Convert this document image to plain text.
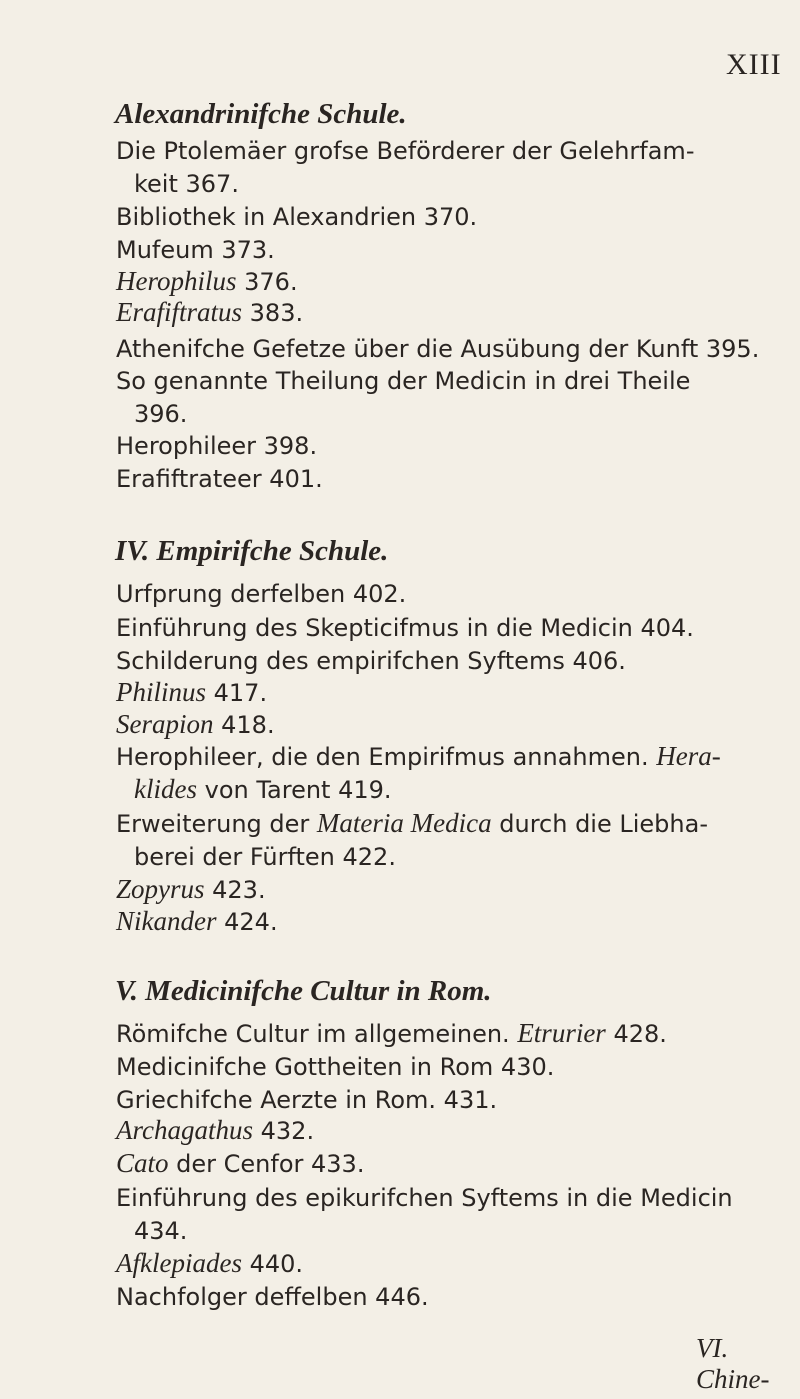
XIII
Alexandrinifche Schule.
Die Ptolemäer grofse Beförderer der Gelehrfam-
keit 367.
Bibliothek in Alexandrien 370.
Mufeum 373.
Herophilus 376.
Erafiftratus 383.
Athenifche Gefetze über die Ausübung der Kunft 395.
So genannte Theilung der Medicin in drei Theile
396.
Herophileer 398.
Erafiftrateer 401.
IV. Empirifche Schule.
Urfprung derfelben 402.
Einführung des Skepticifmus in die Medicin 404.
Schilderung des empirifchen Syftems 406.
Philinus 417.
Serapion 418.
Herophileer, die den Empirifmus annahmen. Hera-
klides von Tarent 419.
Erweiterung der Materia Medica durch die Liebha-
berei der Fürften 422.
Zopyrus 423.
Nikander 424.
V. Medicinifche Cultur in Rom.
Römifche Cultur im allgemeinen. Etrurier 428.
Medicinifche Gottheiten in Rom 430.
Griechifche Aerzte in Rom. 431.
Archagathus 432.
Cato der Cenfor 433.
Einführung des epikurifchen Syftems in die Medicin
434.
Afklepiades 440.
Nachfolger deffelben 446.
VI. Chine-
